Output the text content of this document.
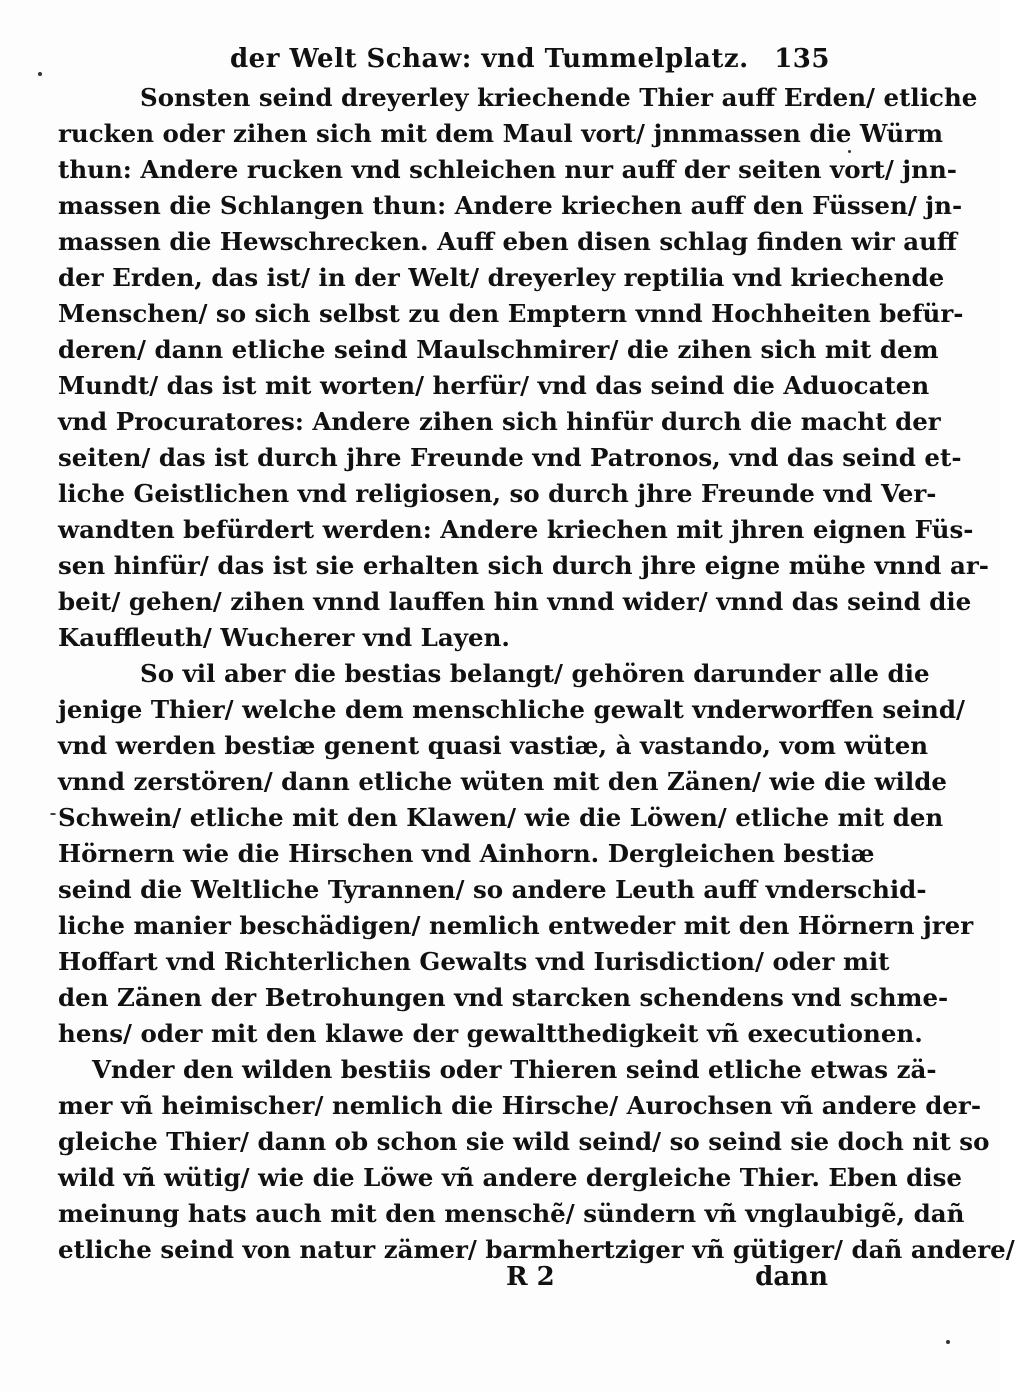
der Welt Schaw: vnd Tummelplatz. 135
Sonsten seind dreyerley kriechende Thier auff Erden/ etliche
rucken oder zihen sich mit dem Maul vort/ jnnmassen die Würm
thun: Andere rucken vnd schleichen nur auff der seiten vort/ jnn-
massen die Schlangen thun: Andere kriechen auff den Füssen/ jn-
massen die Hewschrecken. Auff eben disen schlag finden wir auff
der Erden, das ist/ in der Welt/ dreyerley reptilia vnd kriechende
Menschen/ so sich selbst zu den Emptern vnnd Hochheiten befür-
deren/ dann etliche seind Maulschmirer/ die zihen sich mit dem
Mundt/ das ist mit worten/ herfür/ vnd das seind die Aduocaten
vnd Procuratores: Andere zihen sich hinfür durch die macht der
seiten/ das ist durch jhre Freunde vnd Patronos, vnd das seind et-
liche Geistlichen vnd religiosen, so durch jhre Freunde vnd Ver-
wandten befürdert werden: Andere kriechen mit jhren eignen Füs-
sen hinfür/ das ist sie erhalten sich durch jhre eigne mühe vnnd ar-
beit/ gehen/ zihen vnnd lauffen hin vnnd wider/ vnnd das seind die
Kauffleuth/ Wucherer vnd Layen.
So vil aber die bestias belangt/ gehören darunder alle die
jenige Thier/ welche dem menschliche gewalt vnderworffen seind/
vnd werden bestiæ genent quasi vastiæ, à vastando, vom wüten
vnnd zerstören/ dann etliche wüten mit den Zänen/ wie die wilde
Schwein/ etliche mit den Klawen/ wie die Löwen/ etliche mit den
Hörnern wie die Hirschen vnd Ainhorn. Dergleichen bestiæ
seind die Weltliche Tyrannen/ so andere Leuth auff vnderschid-
liche manier beschädigen/ nemlich entweder mit den Hörnern jrer
Hoffart vnd Richterlichen Gewalts vnd Iurisdiction/ oder mit
den Zänen der Betrohungen vnd starcken schendens vnd schme-
hens/ oder mit den klawe der gewaltthedigkeit vñ executionen.
Vnder den wilden bestiis oder Thieren seind etliche etwas zä-
mer vñ heimischer/ nemlich die Hirsche/ Aurochsen vñ andere der-
gleiche Thier/ dann ob schon sie wild seind/ so seind sie doch nit so
wild vñ wütig/ wie die Löwe vñ andere dergleiche Thier. Eben dise
meinung hats auch mit den menschẽ/ sündern vñ vnglaubigẽ, dañ
etliche seind von natur zämer/ barmhertziger vñ gütiger/ dañ andere/
R 2	dann
